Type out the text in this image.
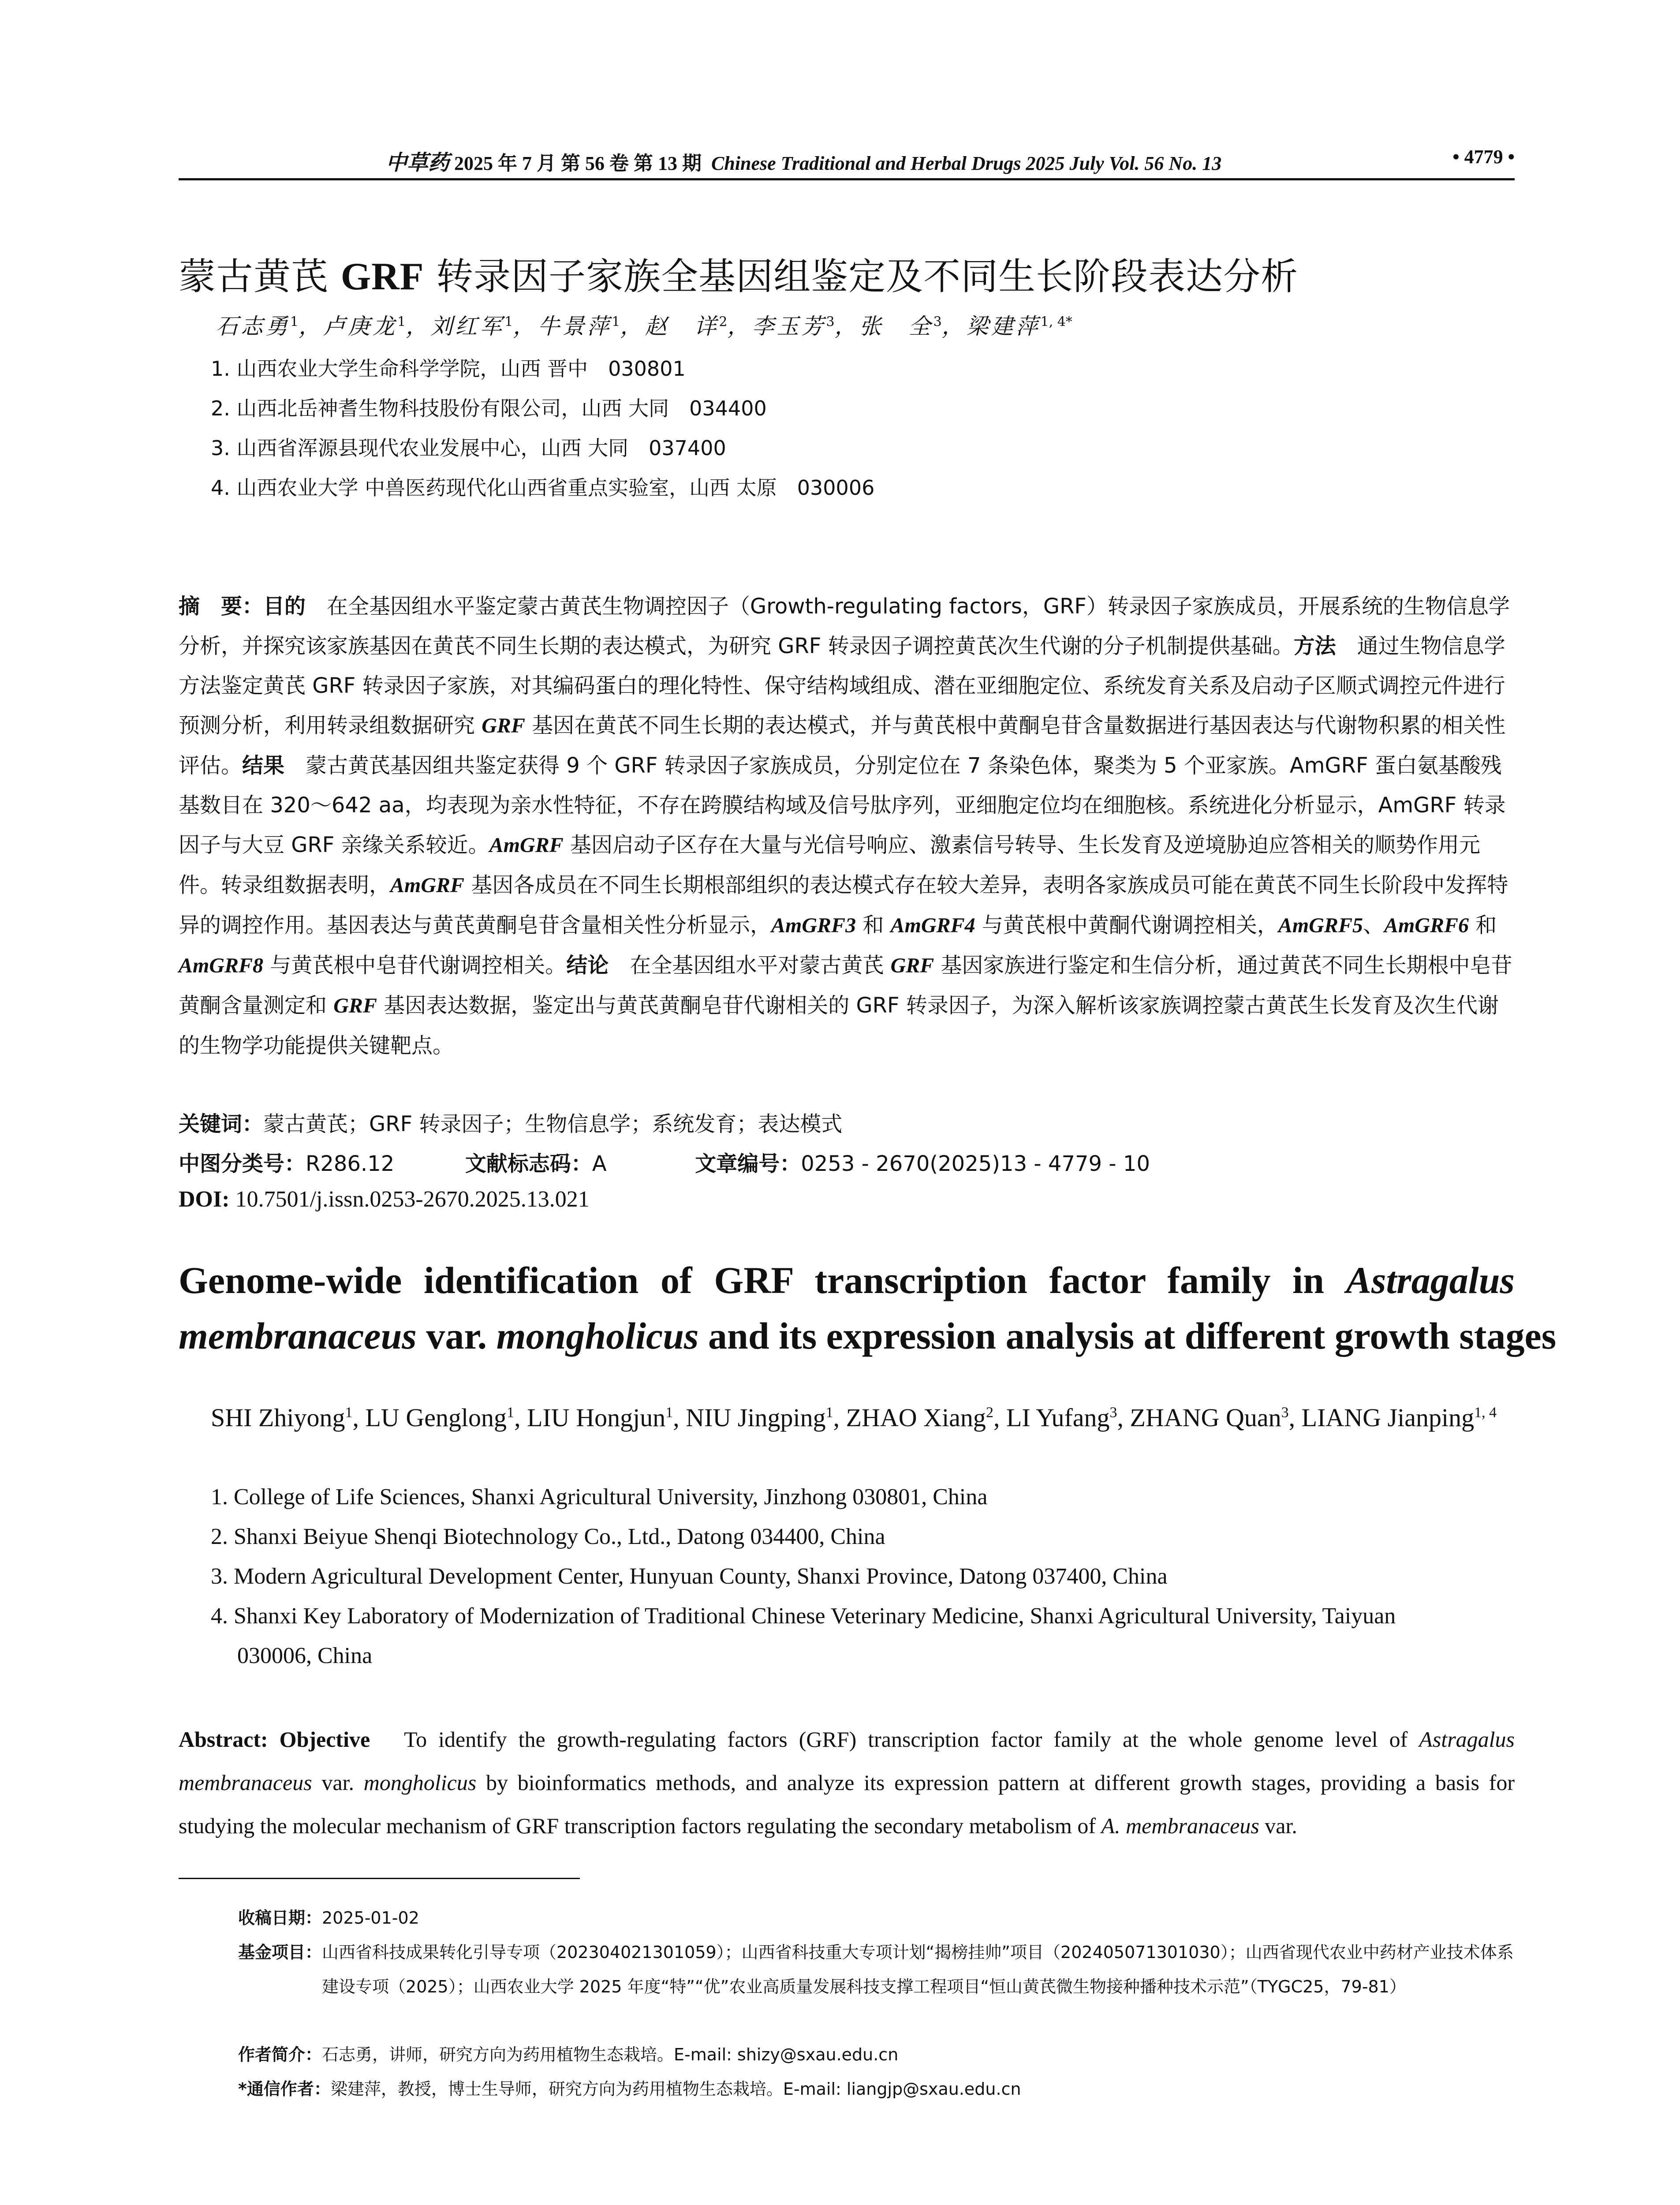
中草药 2025 年 7 月 第 56 卷 第 13 期 Chinese Traditional and Herbal Drugs 2025 July Vol. 56 No. 13	• 4779 •
蒙古黄芪 GRF 转录因子家族全基因组鉴定及不同生长阶段表达分析
石志勇$^1$，卢庚龙$^1$，刘红军$^1$，牛景萍$^1$，赵　详$^2$，李玉芳$^3$，张　全$^3$，梁建萍$^{1, 4*}$
1. 山西农业大学生命科学学院，山西 晋中　030801
2. 山西北岳神耆生物科技股份有限公司，山西 大同　034400
3. 山西省浑源县现代农业发展中心，山西 大同　037400
4. 山西农业大学 中兽医药现代化山西省重点实验室，山西 太原　030006
摘　要：目的　在全基因组水平鉴定蒙古黄芪生物调控因子（Growth-regulating factors，GRF）转录因子家族成员，开展系统的生物信息学分析，并探究该家族基因在黄芪不同生长期的表达模式，为研究 GRF 转录因子调控黄芪次生代谢的分子机制提供基础。方法　通过生物信息学方法鉴定黄芪 GRF 转录因子家族，对其编码蛋白的理化特性、保守结构域组成、潜在亚细胞定位、系统发育关系及启动子区顺式调控元件进行预测分析，利用转录组数据研究 GRF 基因在黄芪不同生长期的表达模式，并与黄芪根中黄酮皂苷含量数据进行基因表达与代谢物积累的相关性评估。结果　蒙古黄芪基因组共鉴定获得 9 个 GRF 转录因子家族成员，分别定位在 7 条染色体，聚类为 5 个亚家族。AmGRF 蛋白氨基酸残基数目在 320～642 aa，均表现为亲水性特征，不存在跨膜结构域及信号肽序列，亚细胞定位均在细胞核。系统进化分析显示，AmGRF 转录因子与大豆 GRF 亲缘关系较近。AmGRF 基因启动子区存在大量与光信号响应、激素信号转导、生长发育及逆境胁迫应答相关的顺势作用元件。转录组数据表明，AmGRF 基因各成员在不同生长期根部组织的表达模式存在较大差异，表明各家族成员可能在黄芪不同生长阶段中发挥特异的调控作用。基因表达与黄芪黄酮皂苷含量相关性分析显示，AmGRF3 和 AmGRF4 与黄芪根中黄酮代谢调控相关，AmGRF5、AmGRF6 和 AmGRF8 与黄芪根中皂苷代谢调控相关。结论　在全基因组水平对蒙古黄芪 GRF 基因家族进行鉴定和生信分析，通过黄芪不同生长期根中皂苷黄酮含量测定和 GRF 基因表达数据，鉴定出与黄芪黄酮皂苷代谢相关的 GRF 转录因子，为深入解析该家族调控蒙古黄芪生长发育及次生代谢的生物学功能提供关键靶点。
关键词：蒙古黄芪；GRF 转录因子；生物信息学；系统发育；表达模式
中图分类号：R286.12	文献标志码：A	文章编号：0253 - 2670(2025)13 - 4779 - 10
DOI: 10.7501/j.issn.0253-2670.2025.13.021
Genome-wide identification of GRF transcription factor family in Astragalus
membranaceus var. mongholicus and its expression analysis at different growth stages
SHI Zhiyong$^1$, LU Genglong$^1$, LIU Hongjun$^1$, NIU Jingping$^1$, ZHAO Xiang$^2$, LI Yufang$^3$, ZHANG Quan$^3$, LIANG Jianping$^{1, 4}$
1. College of Life Sciences, Shanxi Agricultural University, Jinzhong 030801, China
2. Shanxi Beiyue Shenqi Biotechnology Co., Ltd., Datong 034400, China
3. Modern Agricultural Development Center, Hunyuan County, Shanxi Province, Datong 037400, China
4. Shanxi Key Laboratory of Modernization of Traditional Chinese Veterinary Medicine, Shanxi Agricultural University, Taiyuan
030006, China
Abstract: Objective　To identify the growth-regulating factors (GRF) transcription factor family at the whole genome level of Astragalus membranaceus var. mongholicus by bioinformatics methods, and analyze its expression pattern at different growth stages, providing a basis for studying the molecular mechanism of GRF transcription factors regulating the secondary metabolism of A. membranaceus var.
收稿日期：2025-01-02
基金项目： 山西省科技成果转化引导专项（202304021301059）；山西省科技重大专项计划“揭榜挂帅”项目（202405071301030）；山西省现代农业中药材产业技术体系建设专项（2025）；山西农业大学 2025 年度“特”“优”农业高质量发展科技支撑工程项目“恒山黄芪微生物接种播种技术示范”（TYGC25，79-81）
作者简介：石志勇，讲师，研究方向为药用植物生态栽培。E-mail: shizy@sxau.edu.cn
*通信作者：梁建萍，教授，博士生导师，研究方向为药用植物生态栽培。E-mail: liangjp@sxau.edu.cn
